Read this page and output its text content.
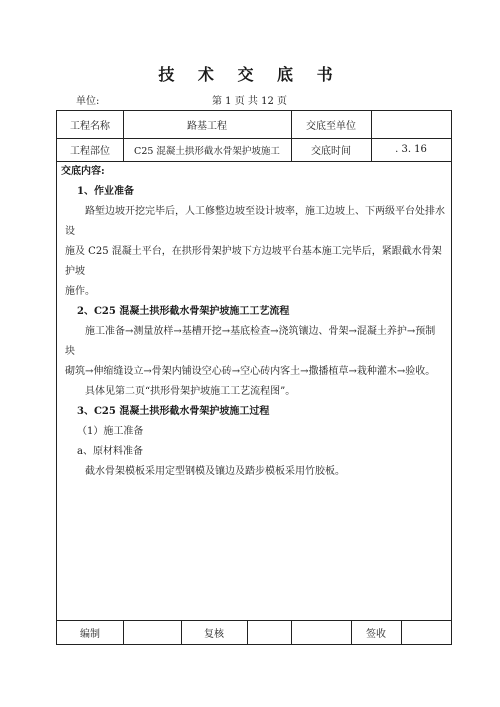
技 术 交 底 书
单位:	第 1 页 共 12 页
工程名称	路基工程	交底至单位
工程部位	C25 混凝土拱形截水骨架护坡施工	交底时间	. 3. 16

交底内容:

1、作业准备

路堑边坡开挖完毕后，人工修整边坡至设计坡率，施工边坡上、下两级平台处排水设

施及 C25 混凝土平台，在拱形骨架护坡下方边坡平台基本施工完毕后，紧跟截水骨架护坡

施作。

2、C25 混凝土拱形截水骨架护坡施工工艺流程

施工准备→测量放样→基槽开挖→基底检查→浇筑镶边、骨架→混凝土养护→预制块

砌筑→伸缩缝设立→骨架内铺设空心砖→空心砖内客土→撒播植草→栽种灌木→验收。

具体见第二页“拱形骨架护坡施工工艺流程图”。

3、C25 混凝土拱形截水骨架护坡施工过程

（1）施工准备

a、原材料准备

截水骨架模板采用定型钢模及镶边及踏步模板采用竹胶板。

编制	复核	签收
